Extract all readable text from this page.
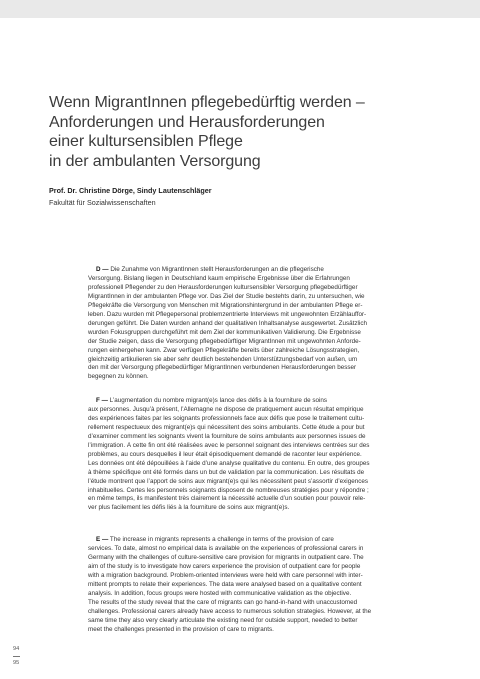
Wenn MigrantInnen pflegebedürftig werden –
Anforderungen und Herausforderungen
einer kultursensiblen Pflege
in der ambulanten Versorgung
Prof. Dr. Christine Dörge, Sindy Lautenschläger
Fakultät für Sozialwissenschaften
D — Die Zunahme von MigrantInnen stellt Herausforderungen an die pflegerische
Versorgung. Bislang liegen in Deutschland kaum empirische Ergebnisse über die Erfahrungen
professionell Pflegender zu den Herausforderungen kultursensibler Versorgung pflegebedürftiger
MigrantInnen in der ambulanten Pflege vor. Das Ziel der Studie bestehts darin, zu untersuchen, wie
Pflegekräfte die Versorgung von Menschen mit Migrationshintergrund in der ambulanten Pflege er-
leben. Dazu wurden mit Pflegepersonal problemzentrierte Interviews mit ungewohnten Erzählauffor-
derungen geführt. Die Daten wurden anhand der qualitativen Inhaltsanalyse ausgewertet. Zusätzlich
wurden Fokusgruppen durchgeführt mit dem Ziel der kommunikativen Validierung. Die Ergebnisse
der Studie zeigen, dass die Versorgung pflegebedürftiger MigrantInnen mit ungewohnten Anforde-
rungen einhergehen kann. Zwar verfügen Pflegekräfte bereits über zahlreiche Lösungsstrategien,
gleichzeitig artikulieren sie aber sehr deutlich bestehenden Unterstützungsbedarf von außen, um
den mit der Versorgung pflegebedürftiger MigrantInnen verbundenen Herausforderungen besser
begegnen zu können.
F — L’augmentation du nombre migrant(e)s lance des défis à la fourniture de soins
aux personnes. Jusqu’à présent, l’Allemagne ne dispose de pratiquement aucun résultat empirique
des expériences faites par les soignants professionnels face aux défis que pose le traitement cultu-
rellement respectueux des migrant(e)s qui nécessitent des soins ambulants. Cette étude a pour but
d’examiner comment les soignants vivent la fourniture de soins ambulants aux personnes issues de
l’immigration. À cette fin ont été réalisées avec le personnel soignant des interviews centrées sur des
problèmes, au cours desquelles il leur était épisodiquement demandé de raconter leur expérience.
Les données ont été dépouillées à l’aide d’une analyse qualitative du contenu. En outre, des groupes
à thème spécifique ont été formés dans un but de validation par la communication. Les résultats de
l’étude montrent que l’apport de soins aux migrant(e)s qui les nécessitent peut s’assortir d’exigences
inhabituelles. Certes les personnels soignants disposent de nombreuses stratégies pour y répondre ;
en même temps, ils manifestent très clairement la nécessité actuelle d’un soutien pour pouvoir rele-
ver plus facilement les défis liés à la fourniture de soins aux migrant(e)s.
E — The increase in migrants represents a challenge in terms of the provision of care
services. To date, almost no empirical data is available on the experiences of professional carers in
Germany with the challenges of culture-sensitive care provision for migrants in outpatient care. The
aim of the study is to investigate how carers experience the provision of outpatient care for people
with a migration background. Problem-oriented interviews were held with care personnel with inter-
mittent prompts to relate their experiences. The data were analysed based on a qualitative content
analysis. In addition, focus groups were hosted with communicative validation as the objective.
The results of the study reveal that the care of migrants can go hand-in-hand with unaccustomed
challenges. Professional carers already have access to numerous solution strategies. However, at the
same time they also very clearly articulate the existing need for outside support, needed to better
meet the challenges presented in the provision of care to migrants.
94
95
